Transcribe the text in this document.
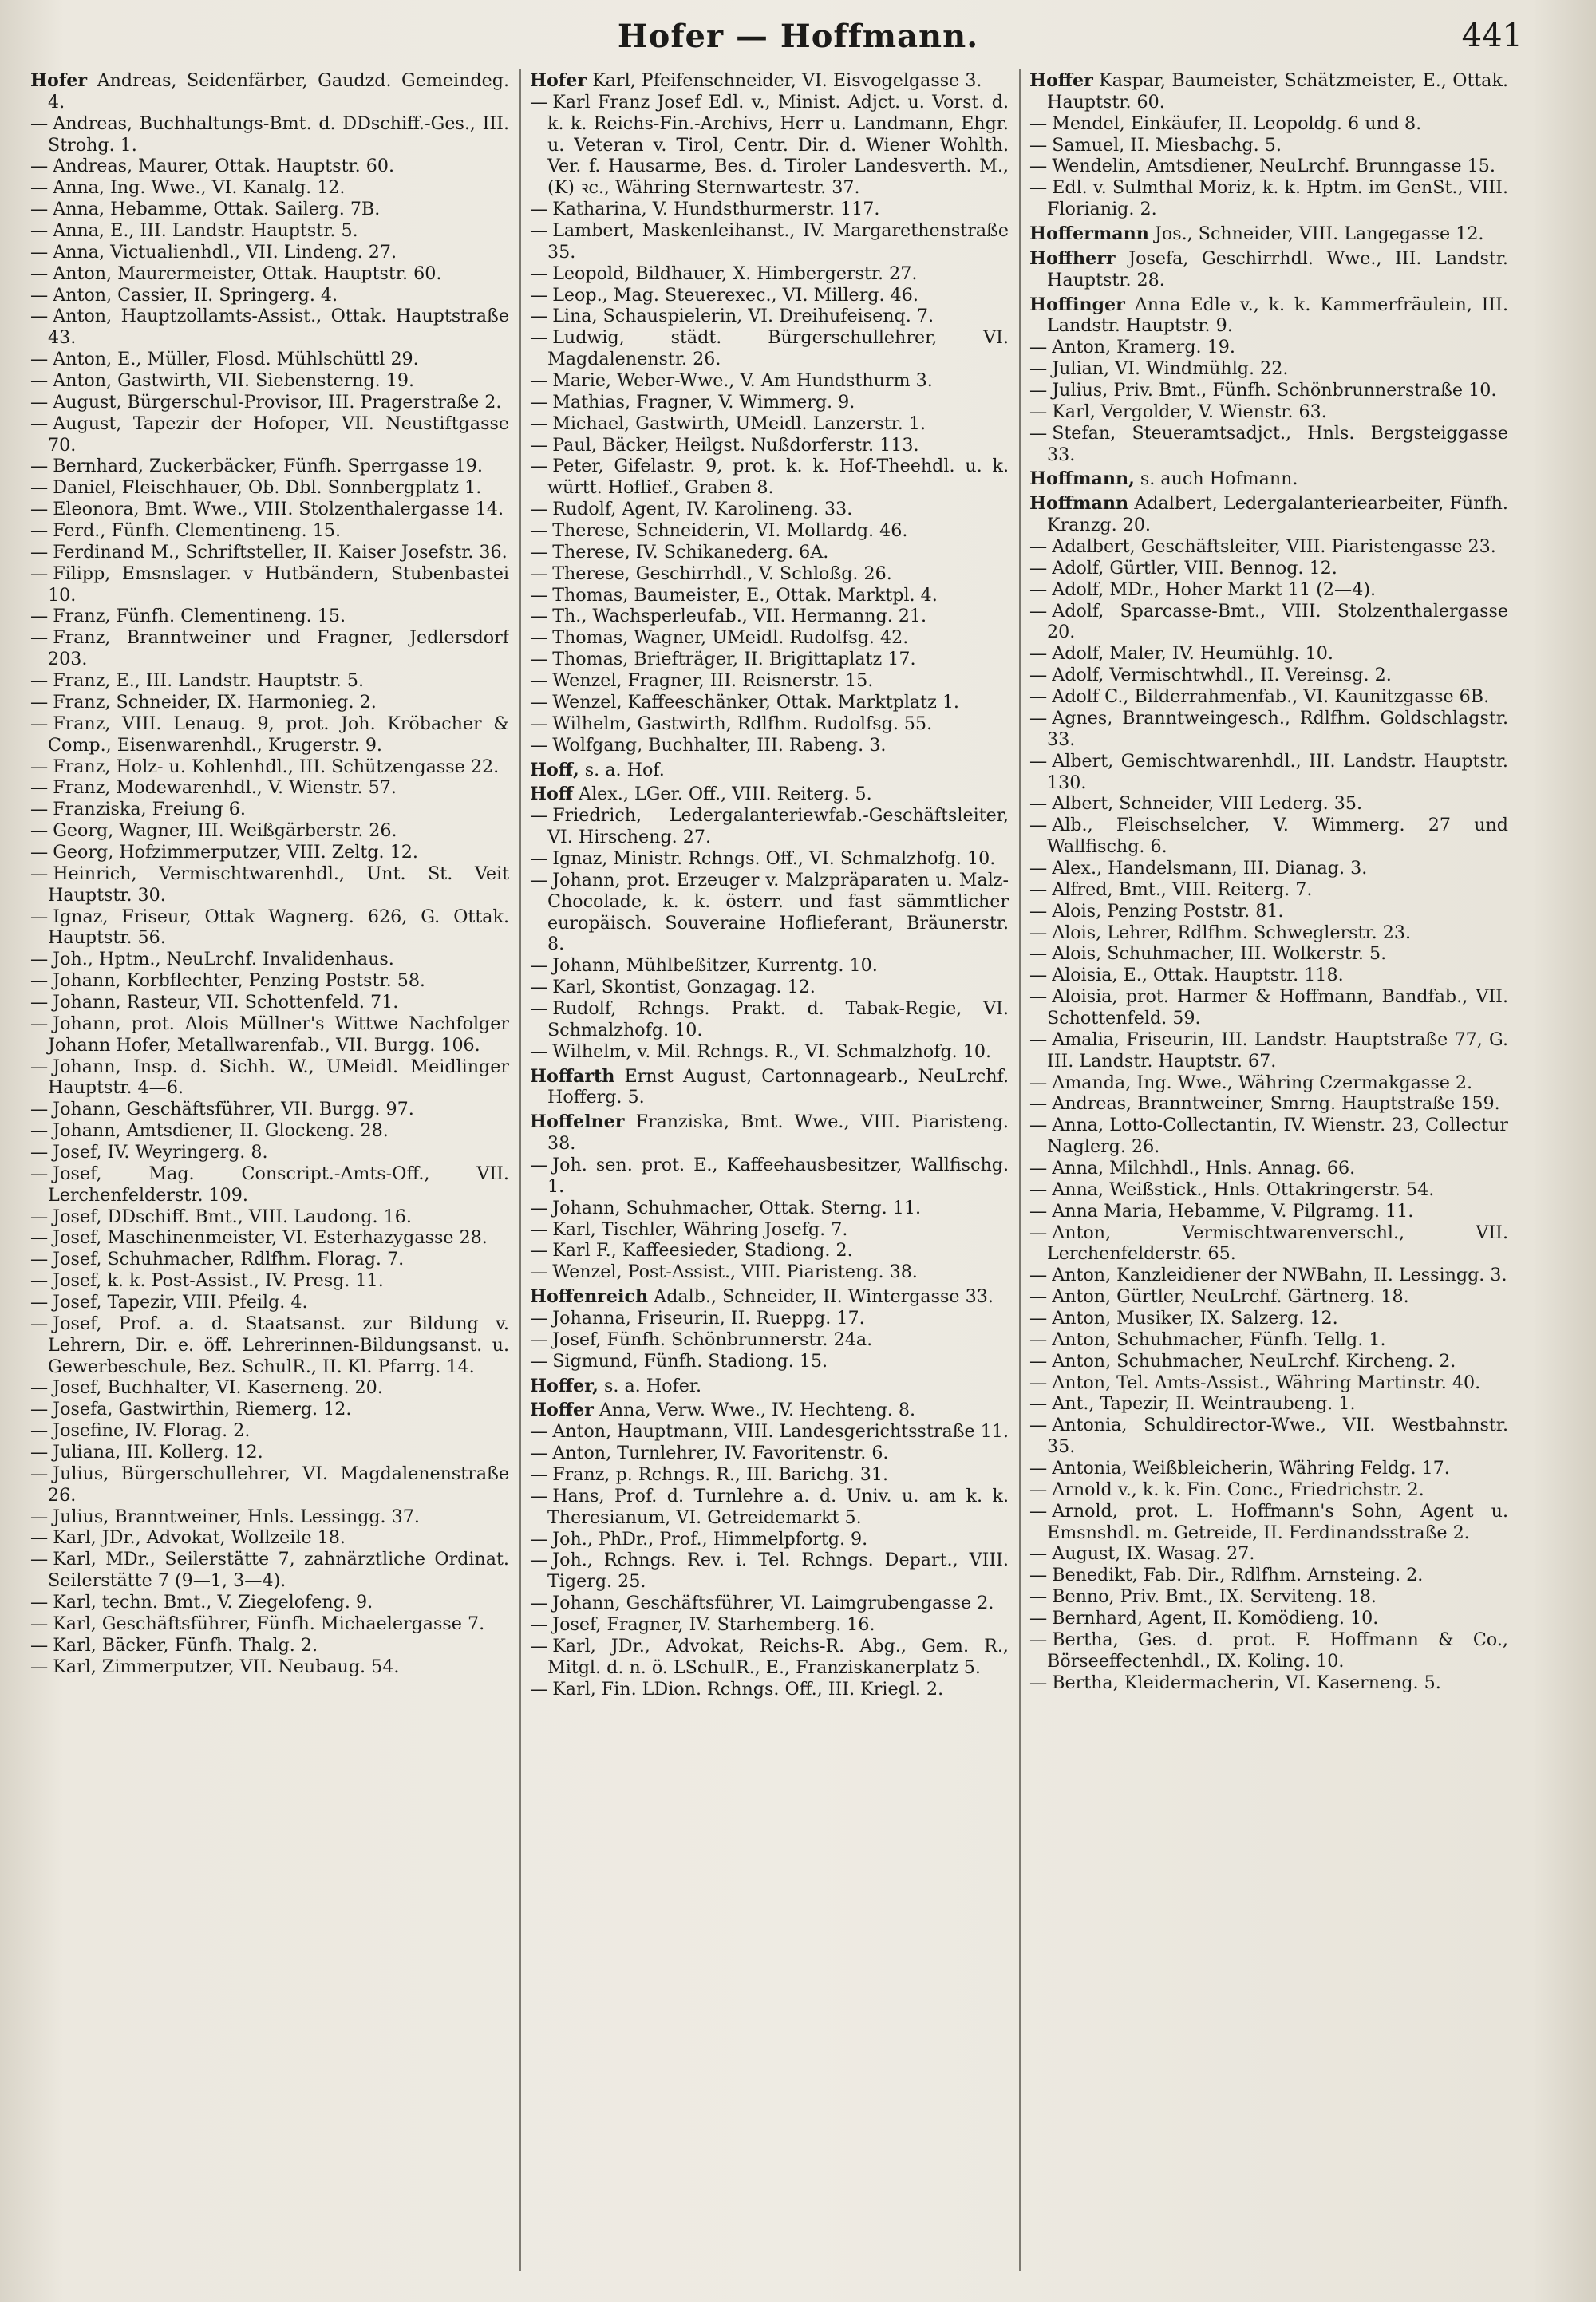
Hofer — Hoffmann.	441

Hofer Andreas, Seidenfärber, Gaudzd. Gemeindeg. 4.

— Andreas, Buchhaltungs-Bmt. d. DDschiff.-Ges., III. Strohg. 1.

— Andreas, Maurer, Ottak. Hauptstr. 60.

— Anna, Ing. Wwe., VI. Kanalg. 12.

— Anna, Hebamme, Ottak. Sailerg. 7B.

— Anna, E., III. Landstr. Hauptstr. 5.

— Anna, Victualienhdl., VII. Lindeng. 27.

— Anton, Maurermeister, Ottak. Hauptstr. 60.

— Anton, Cassier, II. Springerg. 4.

— Anton, Hauptzollamts-Assist., Ottak. Hauptstraße 43.

— Anton, E., Müller, Flosd. Mühlschüttl 29.

— Anton, Gastwirth, VII. Siebensterng. 19.

— August, Bürgerschul-Provisor, III. Pragerstraße 2.

— August, Tapezir der Hofoper, VII. Neustiftgasse 70.

— Bernhard, Zuckerbäcker, Fünfh. Sperrgasse 19.

— Daniel, Fleischhauer, Ob. Dbl. Sonnbergplatz 1.

— Eleonora, Bmt. Wwe., VIII. Stolzenthalergasse 14.

— Ferd., Fünfh. Clementineng. 15.

— Ferdinand M., Schriftsteller, II. Kaiser Josefstr. 36.

— Filipp, Emsnslager. v Hutbändern, Stubenbastei 10.

— Franz, Fünfh. Clementineng. 15.

— Franz, Branntweiner und Fragner, Jedlersdorf 203.

— Franz, E., III. Landstr. Hauptstr. 5.

— Franz, Schneider, IX. Harmonieg. 2.

— Franz, VIII. Lenaug. 9, prot. Joh. Kröbacher & Comp., Eisenwarenhdl., Krugerstr. 9.

— Franz, Holz- u. Kohlenhdl., III. Schützengasse 22.

— Franz, Modewarenhdl., V. Wienstr. 57.

— Franziska, Freiung 6.

— Georg, Wagner, III. Weißgärberstr. 26.

— Georg, Hofzimmerputzer, VIII. Zeltg. 12.

— Heinrich, Vermischtwarenhdl., Unt. St. Veit Hauptstr. 30.

— Ignaz, Friseur, Ottak Wagnerg. 626, G. Ottak. Hauptstr. 56.

— Joh., Hptm., NeuLrchf. Invalidenhaus.

— Johann, Korbflechter, Penzing Poststr. 58.

— Johann, Rasteur, VII. Schottenfeld. 71.

— Johann, prot. Alois Müllner's Wittwe Nachfolger Johann Hofer, Metallwarenfab., VII. Burgg. 106.

— Johann, Insp. d. Sichh. W., UMeidl. Meidlinger Hauptstr. 4—6.

— Johann, Geschäftsführer, VII. Burgg. 97.

— Johann, Amtsdiener, II. Glockeng. 28.

— Josef, IV. Weyringerg. 8.

— Josef, Mag. Conscript.-Amts-Off., VII. Lerchenfelderstr. 109.

— Josef, DDschiff. Bmt., VIII. Laudong. 16.

— Josef, Maschinenmeister, VI. Esterhazygasse 28.

— Josef, Schuhmacher, Rdlfhm. Florag. 7.

— Josef, k. k. Post-Assist., IV. Presg. 11.

— Josef, Tapezir, VIII. Pfeilg. 4.

— Josef, Prof. a. d. Staatsanst. zur Bildung v. Lehrern, Dir. e. öff. Lehrerinnen-Bildungsanst. u. Gewerbeschule, Bez. SchulR., II. Kl. Pfarrg. 14.

— Josef, Buchhalter, VI. Kaserneng. 20.

— Josefa, Gastwirthin, Riemerg. 12.

— Josefine, IV. Florag. 2.

— Juliana, III. Kollerg. 12.

— Julius, Bürgerschullehrer, VI. Magdalenenstraße 26.

— Julius, Branntweiner, Hnls. Lessingg. 37.

— Karl, JDr., Advokat, Wollzeile 18.

— Karl, MDr., Seilerstätte 7, zahnärztliche Ordinat. Seilerstätte 7 (9—1, 3—4).

— Karl, techn. Bmt., V. Ziegelofeng. 9.

— Karl, Geschäftsführer, Fünfh. Michaelergasse 7.

— Karl, Bäcker, Fünfh. Thalg. 2.

— Karl, Zimmerputzer, VII. Neubaug. 54.

Hofer Karl, Pfeifenschneider, VI. Eisvogelgasse 3.

— Karl Franz Josef Edl. v., Minist. Adjct. u. Vorst. d. k. k. Reichs-Fin.-Archivs, Herr u. Landmann, Ehgr. u. Veteran v. Tirol, Centr. Dir. d. Wiener Wohlth. Ver. f. Hausarme, Bes. d. Tiroler Landesverth. M., (K) ꝛc., Währing Sternwartestr. 37.

— Katharina, V. Hundsthurmerstr. 117.

— Lambert, Maskenleihanst., IV. Margarethenstraße 35.

— Leopold, Bildhauer, X. Himbergerstr. 27.

— Leop., Mag. Steuerexec., VI. Millerg. 46.

— Lina, Schauspielerin, VI. Dreihufeisenq. 7.

— Ludwig, städt. Bürgerschullehrer, VI. Magdalenenstr. 26.

— Marie, Weber-Wwe., V. Am Hundsthurm 3.

— Mathias, Fragner, V. Wimmerg. 9.

— Michael, Gastwirth, UMeidl. Lanzerstr. 1.

— Paul, Bäcker, Heilgst. Nußdorferstr. 113.

— Peter, Gifelastr. 9, prot. k. k. Hof-Theehdl. u. k. württ. Hoflief., Graben 8.

— Rudolf, Agent, IV. Karolineng. 33.

— Therese, Schneiderin, VI. Mollardg. 46.

— Therese, IV. Schikanederg. 6A.

— Therese, Geschirrhdl., V. Schloßg. 26.

— Thomas, Baumeister, E., Ottak. Marktpl. 4.

— Th., Wachsperleufab., VII. Hermanng. 21.

— Thomas, Wagner, UMeidl. Rudolfsg. 42.

— Thomas, Briefträger, II. Brigittaplatz 17.

— Wenzel, Fragner, III. Reisnerstr. 15.

— Wenzel, Kaffeeschänker, Ottak. Marktplatz 1.

— Wilhelm, Gastwirth, Rdlfhm. Rudolfsg. 55.

— Wolfgang, Buchhalter, III. Rabeng. 3.

Hoff, s. a. Hof.

Hoff Alex., LGer. Off., VIII. Reiterg. 5.

— Friedrich, Ledergalanteriewfab.-Geschäftsleiter, VI. Hirscheng. 27.

— Ignaz, Ministr. Rchngs. Off., VI. Schmalzhofg. 10.

— Johann, prot. Erzeuger v. Malzpräparaten u. Malz-Chocolade, k. k. österr. und fast sämmtlicher europäisch. Souveraine Hoflieferant, Bräunerstr. 8.

— Johann, Mühlbeßitzer, Kurrentg. 10.

— Karl, Skontist, Gonzagag. 12.

— Rudolf, Rchngs. Prakt. d. Tabak-Regie, VI. Schmalzhofg. 10.

— Wilhelm, v. Mil. Rchngs. R., VI. Schmalzhofg. 10.

Hoffarth Ernst August, Cartonnagearb., NeuLrchf. Hofferg. 5.

Hoffelner Franziska, Bmt. Wwe., VIII. Piaristeng. 38.

— Joh. sen. prot. E., Kaffeehausbesitzer, Wallfischg. 1.

— Johann, Schuhmacher, Ottak. Sterng. 11.

— Karl, Tischler, Währing Josefg. 7.

— Karl F., Kaffeesieder, Stadiong. 2.

— Wenzel, Post-Assist., VIII. Piaristeng. 38.

Hoffenreich Adalb., Schneider, II. Wintergasse 33.

— Johanna, Friseurin, II. Rueppg. 17.

— Josef, Fünfh. Schönbrunnerstr. 24a.

— Sigmund, Fünfh. Stadiong. 15.

Hoffer, s. a. Hofer.

Hoffer Anna, Verw. Wwe., IV. Hechteng. 8.

— Anton, Hauptmann, VIII. Landesgerichtsstraße 11.

— Anton, Turnlehrer, IV. Favoritenstr. 6.

— Franz, p. Rchngs. R., III. Barichg. 31.

— Hans, Prof. d. Turnlehre a. d. Univ. u. am k. k. Theresianum, VI. Getreidemarkt 5.

— Joh., PhDr., Prof., Himmelpfortg. 9.

— Joh., Rchngs. Rev. i. Tel. Rchngs. Depart., VIII. Tigerg. 25.

— Johann, Geschäftsführer, VI. Laimgrubengasse 2.

— Josef, Fragner, IV. Starhemberg. 16.

— Karl, JDr., Advokat, Reichs-R. Abg., Gem. R., Mitgl. d. n. ö. LSchulR., E., Franziskanerplatz 5.

— Karl, Fin. LDion. Rchngs. Off., III. Kriegl. 2.

Hoffer Kaspar, Baumeister, Schätzmeister, E., Ottak. Hauptstr. 60.

— Mendel, Einkäufer, II. Leopoldg. 6 und 8.

— Samuel, II. Miesbachg. 5.

— Wendelin, Amtsdiener, NeuLrchf. Brunngasse 15.

— Edl. v. Sulmthal Moriz, k. k. Hptm. im GenSt., VIII. Florianig. 2.

Hoffermann Jos., Schneider, VIII. Langegasse 12.

Hoffherr Josefa, Geschirrhdl. Wwe., III. Landstr. Hauptstr. 28.

Hoffinger Anna Edle v., k. k. Kammerfräulein, III. Landstr. Hauptstr. 9.

— Anton, Kramerg. 19.

— Julian, VI. Windmühlg. 22.

— Julius, Priv. Bmt., Fünfh. Schönbrunnerstraße 10.

— Karl, Vergolder, V. Wienstr. 63.

— Stefan, Steueramtsadjct., Hnls. Bergsteiggasse 33.

Hoffmann, s. auch Hofmann.

Hoffmann Adalbert, Ledergalanteriearbeiter, Fünfh. Kranzg. 20.

— Adalbert, Geschäftsleiter, VIII. Piaristengasse 23.

— Adolf, Gürtler, VIII. Bennog. 12.

— Adolf, MDr., Hoher Markt 11 (2—4).

— Adolf, Sparcasse-Bmt., VIII. Stolzenthalergasse 20.

— Adolf, Maler, IV. Heumühlg. 10.

— Adolf, Vermischtwhdl., II. Vereinsg. 2.

— Adolf C., Bilderrahmenfab., VI. Kaunitzgasse 6B.

— Agnes, Branntweingesch., Rdlfhm. Goldschlagstr. 33.

— Albert, Gemischtwarenhdl., III. Landstr. Hauptstr. 130.

— Albert, Schneider, VIII Lederg. 35.

— Alb., Fleischselcher, V. Wimmerg. 27 und Wallfischg. 6.

— Alex., Handelsmann, III. Dianag. 3.

— Alfred, Bmt., VIII. Reiterg. 7.

— Alois, Penzing Poststr. 81.

— Alois, Lehrer, Rdlfhm. Schweglerstr. 23.

— Alois, Schuhmacher, III. Wolkerstr. 5.

— Aloisia, E., Ottak. Hauptstr. 118.

— Aloisia, prot. Harmer & Hoffmann, Bandfab., VII. Schottenfeld. 59.

— Amalia, Friseurin, III. Landstr. Hauptstraße 77, G. III. Landstr. Hauptstr. 67.

— Amanda, Ing. Wwe., Währing Czermakgasse 2.

— Andreas, Branntweiner, Smrng. Hauptstraße 159.

— Anna, Lotto-Collectantin, IV. Wienstr. 23, Collectur Naglerg. 26.

— Anna, Milchhdl., Hnls. Annag. 66.

— Anna, Weißstick., Hnls. Ottakringerstr. 54.

— Anna Maria, Hebamme, V. Pilgramg. 11.

— Anton, Vermischtwarenverschl., VII. Lerchenfelderstr. 65.

— Anton, Kanzleidiener der NWBahn, II. Lessingg. 3.

— Anton, Gürtler, NeuLrchf. Gärtnerg. 18.

— Anton, Musiker, IX. Salzerg. 12.

— Anton, Schuhmacher, Fünfh. Tellg. 1.

— Anton, Schuhmacher, NeuLrchf. Kircheng. 2.

— Anton, Tel. Amts-Assist., Währing Martinstr. 40.

— Ant., Tapezir, II. Weintraubeng. 1.

— Antonia, Schuldirector-Wwe., VII. Westbahnstr. 35.

— Antonia, Weißbleicherin, Währing Feldg. 17.

— Arnold v., k. k. Fin. Conc., Friedrichstr. 2.

— Arnold, prot. L. Hoffmann's Sohn, Agent u. Emsnshdl. m. Getreide, II. Ferdinandsstraße 2.

— August, IX. Wasag. 27.

— Benedikt, Fab. Dir., Rdlfhm. Arnsteing. 2.

— Benno, Priv. Bmt., IX. Serviteng. 18.

— Bernhard, Agent, II. Komödieng. 10.

— Bertha, Ges. d. prot. F. Hoffmann & Co., Börseeffectenhdl., IX. Koling. 10.

— Bertha, Kleidermacherin, VI. Kaserneng. 5.
